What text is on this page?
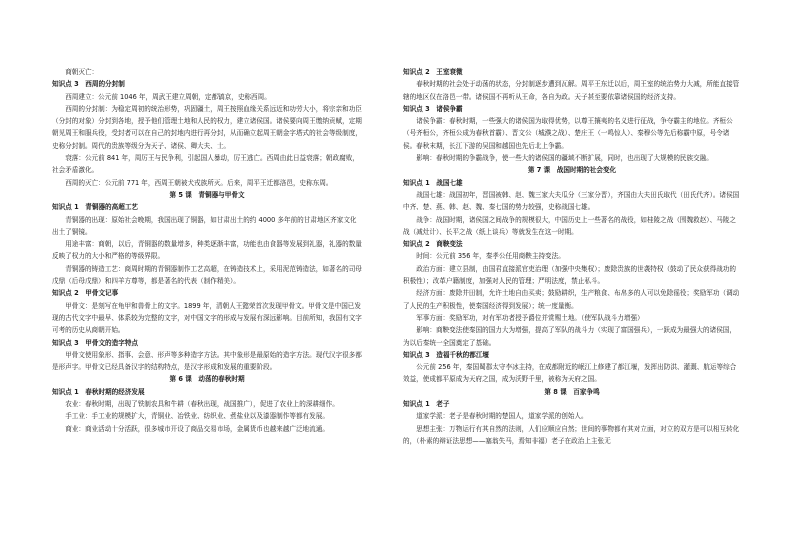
商朝灭亡：

知识点 3　西周的分封制

西周建立：公元前 1046 年，周武王建立周朝，定都镐京，史称西周。

西周的分封制：为稳定周初的统治形势，巩固疆土，周王按照血缘关系远近和功劳大小，将宗亲和功臣（分封的对象）分封到各地，授予他们管理土地和人民的权力，建立诸侯国。诸侯要向周王缴纳贡赋，定期朝见周王和服兵役，受封者可以在自己的封地内进行再分封，从而确立起周王朝金字塔式的社会等级制度，史称分封制。周代的贵族等级分为天子、诸侯、卿大夫、士。

衰落：公元前 841 年，周厉王与民争利，引起国人暴动，厉王逃亡。西周由此日益衰落；朝政腐败，社会矛盾激化。

西周的灭亡：公元前 771 年，西周王朝被犬戎族所灭。后来，周平王迁都洛邑，史称东周。

第 5 课　青铜器与甲骨文

知识点 1　青铜器的高超工艺

青铜器的出现：原始社会晚期，我国出现了铜器，如甘肃出土的约 4000 多年前的甘肃地区齐家文化出土了铜镜。

用途丰富：商朝，以后，青铜器的数量增多，种类逐渐丰富，功能也由食器等发展到礼器，礼器的数量反映了权力的大小和严格的等级界限。

青铜器的铸造工艺：商周时期的青铜器制作工艺高超，在铸造技术上，采用泥范铸造法，如著名的司母戊鼎（后母戊鼎）和四羊方尊等，都是著名的代表（制作精美）。

知识点 2　甲骨文记事

甲骨文：是刻写在龟甲和兽骨上的文字。1899 年，清朝人王懿荣首次发现甲骨文。甲骨文是中国已发现的古代文字中最早、体系较为完整的文字，对中国文字的形成与发展有深远影响。目前所知，我国有文字可考的历史从商朝开始。

知识点 3　甲骨文的造字特点

甲骨文使用象形、指事、会意、形声等多种造字方法。其中象形是最原始的造字方法。现代汉字很多都是形声字。甲骨文已经具备汉字的结构特点，是汉字形成和发展的重要阶段。

第 6 课　动荡的春秋时期

知识点 1　春秋时期的经济发展

农业：春秋时期，出现了铁制农具和牛耕（春秋出现，战国推广），促进了农业上的深耕细作。

手工业：手工业的规模扩大，青铜业、冶铁业、纺织业、煮盐业以及漆器制作等都有发展。

商业：商业活动十分活跃，很多城市开设了商品交易市场，金属货币也越来越广泛地流通。

知识点 2　王室衰微

春秋时期的社会处于动荡的状态，分封制逐步遭到瓦解。周平王东迁以后，周王室的统治势力大减，所能直接管辖的地区仅在洛邑一带。诸侯国不再听从王命，各自为政。天子甚至要依靠诸侯国的经济支持。

知识点 3　诸侯争霸

诸侯争霸：春秋时期，一些强大的诸侯国为取得优势，以尊王攘夷的名义进行征战，争夺霸主的地位。齐桓公（号齐桓公，齐桓公成为春秋首霸）、晋文公（城濮之战）、楚庄王（一鸣惊人）、秦穆公等先后称霸中原，号令诸侯。春秋末期，长江下游的吴国和越国也先后北上争霸。

影响：春秋时期的争霸战争，使一些大的诸侯国的疆域不断扩展，同时，也出现了大规模的民族交融。

第 7 课　战国时期的社会变化

知识点 1　战国七雄

战国七雄：战国初年，晋国被韩、赵、魏三家大夫瓜分（三家分晋），齐国由大夫田氏取代（田氏代齐）。诸侯国中齐、楚、燕、韩、赵、魏、秦七国的势力较强，史称战国七雄。

战争：战国时期，诸侯国之间战争的规模很大，中国历史上一些著名的战役，如桂陵之战（围魏救赵）、马陵之战（减灶计）、长平之战（纸上谈兵）等就发生在这一时期。

知识点 2　商鞅变法

时间：公元前 356 年，秦孝公任用商鞅主持变法。

政治方面：建立县制，由国君直接派官吏治理（加强中央集权）；废除贵族的世袭特权（鼓动了民众获得战功的积极性）；改革户籍制度，加强对人民的管理；严明法度，禁止私斗。

经济方面：废除井田制，允许土地自由买卖；鼓励耕织，生产粮食、布帛多的人可以免除徭役；奖励军功（调动了人民的生产积极性，使秦国经济得到发展）；统一度量衡。

军事方面：奖励军功，对有军功者授予爵位并赏赐土地。（使军队战斗力增强）

影响：商鞅变法使秦国的国力大为增强，提高了军队的战斗力（实现了富国强兵），一跃成为最强大的诸侯国，为以后秦统一全国奠定了基础。

知识点 3　造福千秋的都江堰

公元前 256 年，秦国蜀郡太守李冰主持，在成都附近的岷江上修建了都江堰，发挥出防洪、灌溉、航运等综合效益，使成都平原成为天府之国，成为沃野千里，被称为天府之国。

第 8 课　百家争鸣

知识点 1　老子

道家学派：老子是春秋时期的楚国人，道家学派的创始人。

思想主张：万物运行有其自然的法则，人们应顺应自然；世间的事物都有其对立面，对立的双方是可以相互转化的，（朴素的辩证法思想——塞翁失马，焉知非福）老子在政治上主张无
